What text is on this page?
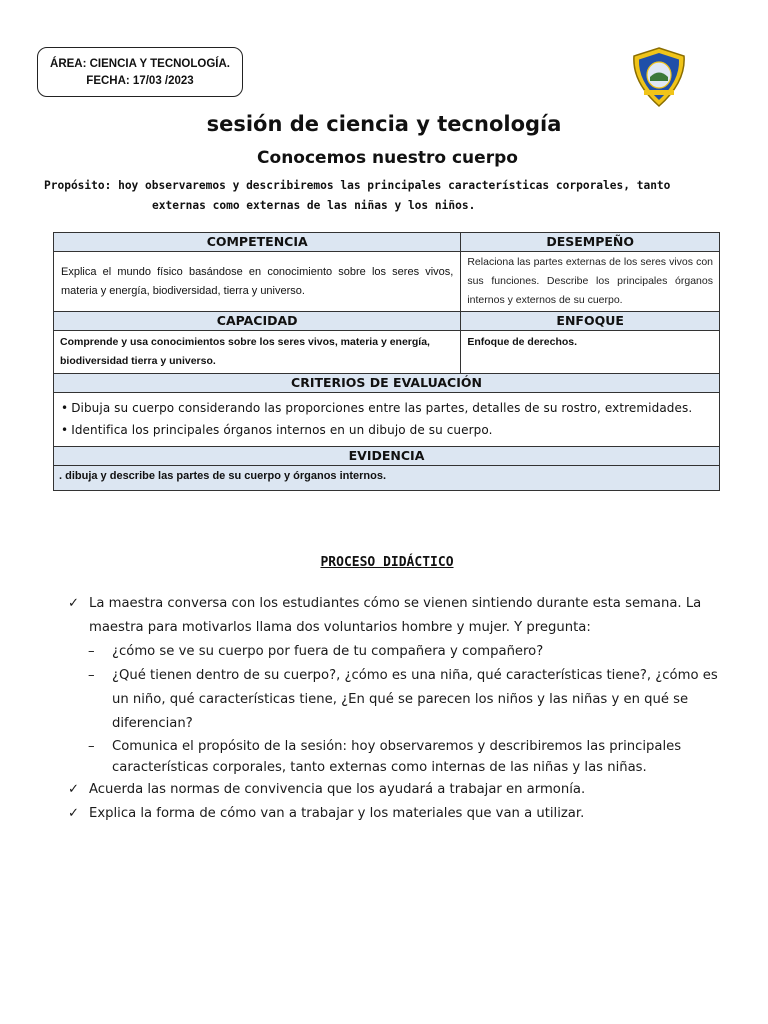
ÁREA: CIENCIA Y TECNOLOGÍA.
FECHA: 17/03 /2023
sesión de ciencia y tecnología
Conocemos nuestro cuerpo
Propósito: hoy observaremos y describiremos las principales características corporales, tanto
externas como externas de las niñas y los niños.
COMPETENCIA	DESEMPEÑO

Explica el mundo físico basándose en conocimiento sobre los seres vivos, materia y energía, biodiversidad, tierra y universo.	Relaciona las partes externas de los seres vivos con sus funciones. Describe los principales órganos internos y externos de su cuerpo.

CAPACIDAD	ENFOQUE

Comprende y usa conocimientos sobre los seres vivos, materia y energía, biodiversidad tierra y universo.	Enfoque de derechos.

CRITERIOS DE EVALUACIÓN	

• Dibuja su cuerpo considerando las proporciones entre las partes, detalles de su rostro, extremidades.
• Identifica los principales órganos internos en un dibujo de su cuerpo.	

EVIDENCIA	
. dibuja y describe las partes de su cuerpo y órganos internos.	
PROCESO DIDÁCTICO
✓ La maestra conversa con los estudiantes cómo se vienen sintiendo durante esta semana. La maestra para motivarlos llama dos voluntarios hombre y mujer. Y pregunta:
– ¿cómo se ve su cuerpo por fuera de tu compañera y compañero?
– ¿Qué tienen dentro de su cuerpo?, ¿cómo es una niña, qué características tiene?, ¿cómo es un niño, qué características tiene, ¿En qué se parecen los niños y las niñas y en qué se diferencian?
– Comunica el propósito de la sesión: hoy observaremos y describiremos las principales características corporales, tanto externas como internas de las niñas y las niñas.
✓ Acuerda las normas de convivencia que los ayudará a trabajar en armonía.
✓ Explica la forma de cómo van a trabajar y los materiales que van a utilizar.
